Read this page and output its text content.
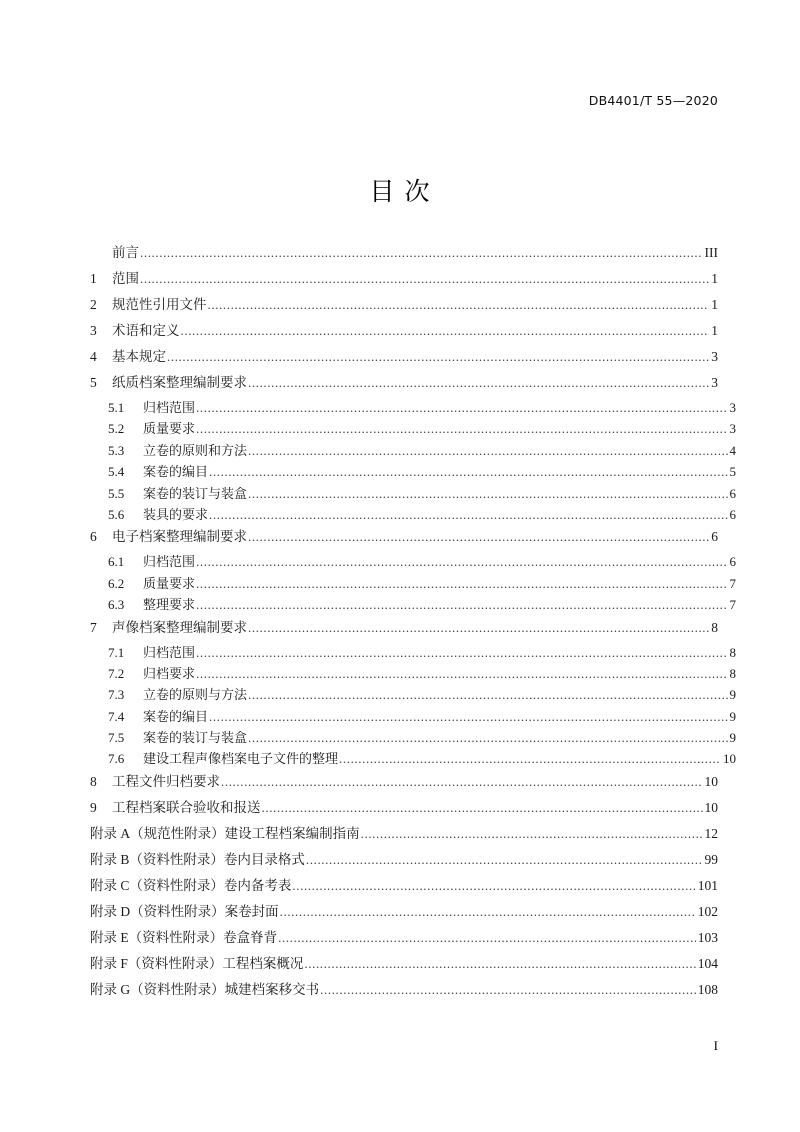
DB4401/T 55—2020
目 次
前言 .....	III
1	范围 .....	1
2	规范性引用文件 .....	1
3	术语和定义 .....	1
4	基本规定 .....	3
5	纸质档案整理编制要求 .....	3
5.1	归档范围 .....	3
5.2	质量要求 .....	3
5.3	立卷的原则和方法 .....	4
5.4	案卷的编目 .....	5
5.5	案卷的装订与装盒 .....	6
5.6	装具的要求 .....	6
6	电子档案整理编制要求 .....	6
6.1	归档范围 .....	6
6.2	质量要求 .....	7
6.3	整理要求 .....	7
7	声像档案整理编制要求 .....	8
7.1	归档范围 .....	8
7.2	归档要求 .....	8
7.3	立卷的原则与方法 .....	9
7.4	案卷的编目 .....	9
7.5	案卷的装订与装盒 .....	9
7.6	建设工程声像档案电子文件的整理 .....	10
8	工程文件归档要求 .....	10
9	工程档案联合验收和报送 .....	10
附录 A（规范性附录） 建设工程档案编制指南 .....	12
附录 B（资料性附录） 卷内目录格式 .....	99
附录 C（资料性附录） 卷内备考表 .....	101
附录 D（资料性附录） 案卷封面 .....	102
附录 E（资料性附录） 卷盒脊背 .....	103
附录 F（资料性附录） 工程档案概况 .....	104
附录 G（资料性附录） 城建档案移交书 .....	108
I
